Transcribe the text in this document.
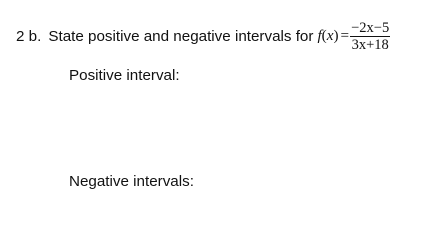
2 b. State positive and negative intervals for f ( x ) = $\frac{-2x-5}{3x+18}$
Positive interval:
Negative intervals:
